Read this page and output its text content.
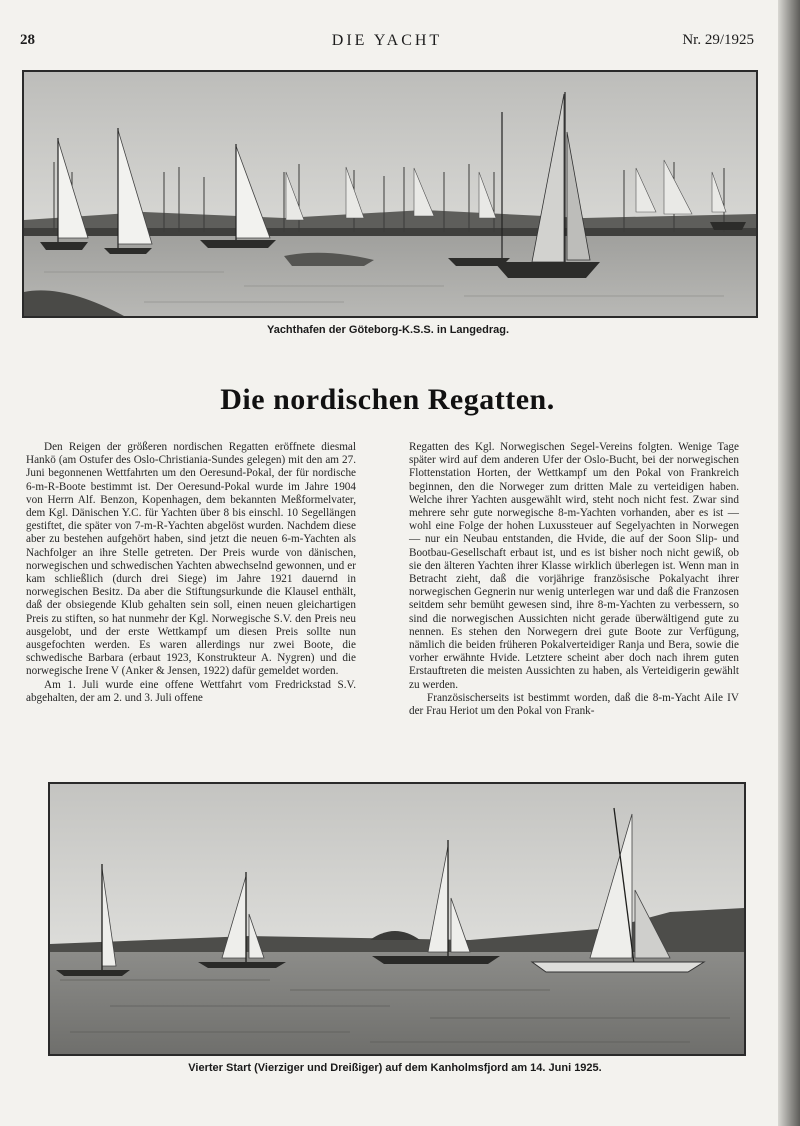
28	DIE YACHT	Nr. 29/1925
Yachthafen der Göteborg-K.S.S. in Langedrag.
Die nordischen Regatten.

Den Reigen der größeren nordischen Regatten eröffnete diesmal Hankö (am Ostufer des Oslo-Christiania-Sundes gelegen) mit den am 27. Juni begonnenen Wettfahrten um den Oeresund-Pokal, der für nordische 6-m-R-Boote bestimmt ist. Der Oeresund-Pokal wurde im Jahre 1904 von Herrn Alf. Benzon, Kopenhagen, dem bekannten Meßformelvater, dem Kgl. Dänischen Y.C. für Yachten über 8 bis einschl. 10 Segellängen gestiftet, die später von 7-m-R-Yachten abgelöst wurden. Nachdem diese aber zu bestehen aufgehört haben, sind jetzt die neuen 6-m-Yachten als Nachfolger an ihre Stelle getreten. Der Preis wurde von dänischen, norwegischen und schwedischen Yachten abwechselnd gewonnen, und er kam schließlich (durch drei Siege) im Jahre 1921 dauernd in norwegischen Besitz. Da aber die Stiftungsurkunde die Klausel enthält, daß der obsiegende Klub gehalten sein soll, einen neuen gleichartigen Preis zu stiften, so hat nunmehr der Kgl. Norwegische S.V. den Preis neu ausgelobt, und der erste Wettkampf um diesen Preis sollte nun ausgefochten werden. Es waren allerdings nur zwei Boote, die schwedische Barbara (erbaut 1923, Konstrukteur A. Nygren) und die norwegische Irene V (Anker & Jensen, 1922) dafür gemeldet worden.

Am 1. Juli wurde eine offene Wettfahrt vom Fredrickstad S.V. abgehalten, der am 2. und 3. Juli offene

Regatten des Kgl. Norwegischen Segel-Vereins folgten. Wenige Tage später wird auf dem anderen Ufer der Oslo-Bucht, bei der norwegischen Flottenstation Horten, der Wettkampf um den Pokal von Frankreich beginnen, den die Norweger zum dritten Male zu verteidigen haben. Welche ihrer Yachten ausgewählt wird, steht noch nicht fest. Zwar sind mehrere sehr gute norwegische 8-m-Yachten vorhanden, aber es ist — wohl eine Folge der hohen Luxussteuer auf Segelyachten in Norwegen — nur ein Neubau entstanden, die Hvide, die auf der Soon Slip- und Bootbau-Gesellschaft erbaut ist, und es ist bisher noch nicht gewiß, ob sie den älteren Yachten ihrer Klasse wirklich überlegen ist. Wenn man in Betracht zieht, daß die vorjährige französische Pokalyacht ihrer norwegischen Gegnerin nur wenig unterlegen war und daß die Franzosen seitdem sehr bemüht gewesen sind, ihre 8-m-Yachten zu verbessern, so sind die norwegischen Aussichten nicht gerade überwältigend gute zu nennen. Es stehen den Norwegern drei gute Boote zur Verfügung, nämlich die beiden früheren Pokalverteidiger Ranja und Bera, sowie die vorher erwähnte Hvide. Letztere scheint aber doch nach ihrem guten Erstauftreten die meisten Aussichten zu haben, als Verteidigerin gewählt zu werden.

Französischerseits ist bestimmt worden, daß die 8-m-Yacht Aile IV der Frau Heriot um den Pokal von Frank-

Vierter Start (Vierziger und Dreißiger) auf dem Kanholmsfjord am 14. Juni 1925.
